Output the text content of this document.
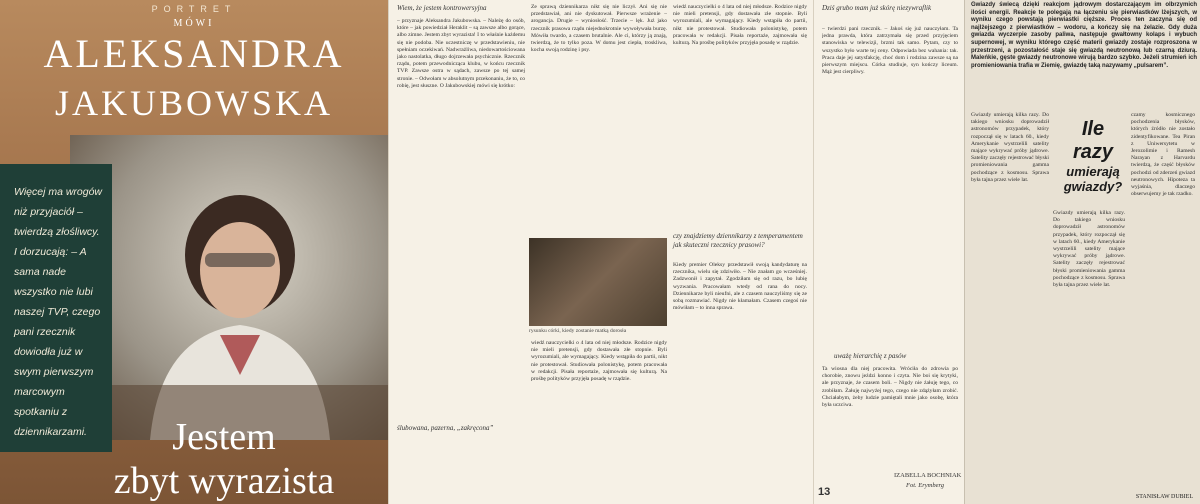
PORTRET
MÓWI
ALEKSANDRA
JAKUBOWSKA

Więcej ma wrogów niż przyjaciół – twierdzą złośliwcy. I dorzucają: – A sama nade wszystko nie lubi naszej TVP, czego pani rzecznik dowiodła już w swym pierwszym marcowym spotkaniu z dziennikarzami.	Jestem
zbyt wyrazista
Wiem, że jestem kontrowersyjna
– przyznaje Aleksandra Jakubowska. – Należę do osób, które – jak powiedział Heraklit – są zawsze albo gorące, albo zimne. Jestem zbyt wyrazista! I to właśnie każdemu się nie podoba. Nie uczestniczę w przedstawieniu, nie spełniam oczekiwań. Nadwrażliwa, niedowartościowana jako nastolatka, długo dojrzewała psychicznie. Rzecznik rządu, potem przewodnicząca klubu, w końcu rzecznik TVP. Zawsze ostra w sądach, zawsze po tej samej stronie. – Odwołam w absolutnym przekonaniu, że to, co robię, jest słuszne. O Jakubowskiej mówi się krótko:
ślubowana, pazerna, „zakręcona”
Ze sprawą dziennikarza nikt się nie liczył. Ani się nie przedstawiał, ani nie dyskutował. Pierwsze wrażenie – arogancja. Drugie – wyniosłość. Trzecie – lęk. Już jako rzecznik prasowa rządu niejednokrotnie wywoływała burzę. Mówiła twardo, a czasem brutalnie. Ale ci, którzy ją znają, twierdzą, że to tylko poza. W domu jest ciepła, troskliwa, kocha swoją rodzinę i psy.
rysunku córki, kiedy zostanie matką dorosła
wiedź nauczycielki o 4 lata od niej młodsze. Rodzice nigdy nie mieli pretensji, gdy dostawała złe stopnie. Byli wyrozumiali, ale wymagający. Kiedy wstąpiła do partii, nikt nie protestował. Studiowała polonistykę, potem pracowała w redakcji. Pisała reportaże, zajmowała się kulturą. Na prośbę polityków przyjęła posadę w rządzie.
wiedź nauczycielki o 4 lata od niej młodsze. Rodzice nigdy nie mieli pretensji, gdy dostawała złe stopnie. Byli wyrozumiali, ale wymagający. Kiedy wstąpiła do partii, nikt nie protestował. Studiowała polonistykę, potem pracowała w redakcji. Pisała reportaże, zajmowała się kulturą. Na prośbę polityków przyjęła posadę w rządzie.
czy znajdziemy dziennikarzy z temperamentem jak skuteczni rzecznicy prasowi?
Kiedy premier Oleksy przedstawił swoją kandydaturę na rzecznika, wielu się zdziwiło. – Nie znałam go wcześniej. Zadzwonił i zapytał. Zgodziłam się od razu, bo lubię wyzwania. Pracowałam wtedy od rana do nocy. Dziennikarze byli nieufni, ale z czasem nauczyliśmy się ze sobą rozmawiać. Nigdy nie kłamałam. Czasem czegoś nie mówiłam – to inna sprawa.
Dziś grubo mam już skórę niezywraflik
– twierdzi pani rzecznik. – Jakoś się już nauczyłam. Ta jedna prawda, która zatrzymała się przed przyjęciem stanowiska w telewizji, brzmi tak samo. Pytam, czy to wszystko było warte tej ceny. Odpowiada bez wahania: tak. Praca daje jej satysfakcję, choć dom i rodzina zawsze są na pierwszym miejscu. Córka studiuje, syn kończy liceum. Mąż jest cierpliwy.
uważę hierarchię z pasów
Ta wiosna dla niej pracowita. Wróciła do zdrowia po chorobie, znowu jeździ konno i czyta. Nie boi się krytyki, ale przyznaje, że czasem boli. – Nigdy nie żałuję tego, co zrobiłam. Żałuję najwyżej tego, czego nie zdążyłam zrobić. Chciałabym, żeby ludzie pamiętali mnie jako osobę, która była uczciwa.
IZABELLA BOCHNIAK
Fot. Erymberg
13
Gwiazdy świecą dzięki reakcjom jądrowym dostarczającym im olbrzymich ilości energii. Reakcje te polegają na łączeniu się pierwiastków lżejszych, w wyniku czego powstają pierwiastki cięższe. Proces ten zaczyna się od najlżejszego z pierwiastków – wodoru, a kończy się na żelazie. Gdy duża gwiazda wyczerpie zasoby paliwa, następuje gwałtowny kolaps i wybuch supernowej, w wyniku którego część materii gwiazdy zostaje rozproszona w przestrzeni, a pozostałość staje się gwiazdą neutronową lub czarną dziurą. Maleńkie, gęste gwiazdy neutronowe wirują bardzo szybko. Jeżeli strumień ich promieniowania trafia w Ziemię, gwiazdę taką nazywamy „pulsarem”.
Gwiazdy umierają kilka razy. Do takiego wniosku doprowadził astronomów przypadek, który rozpoczął się w latach 60., kiedy Amerykanie wystrzelili satelity mające wykrywać próby jądrowe. Satelity zaczęły rejestrować błyski promieniowania gamma pochodzące z kosmosu. Sprawa była tajna przez wiele lat.
Ile
razy
umierają
gwiazdy?
Gwiazdy umierają kilka razy. Do takiego wniosku doprowadził astronomów przypadek, który rozpoczął się w latach 60., kiedy Amerykanie wystrzelili satelity mające wykrywać próby jądrowe. Satelity zaczęły rejestrować błyski promieniowania gamma pochodzące z kosmosu. Sprawa była tajna przez wiele lat.
czamy kosmicznego pochodzenia błysków, których źródło nie zostało zidentyfikowane. Tea Piran z Uniwersytetu w Jerozolimie i Ramesh Narayan z Harvardu twierdzą, że część błysków pochodzi od zderzeń gwiazd neutronowych. Hipoteza ta wyjaśnia, dlaczego obserwujemy je tak rzadko.
STANISŁAW DUBIEL
